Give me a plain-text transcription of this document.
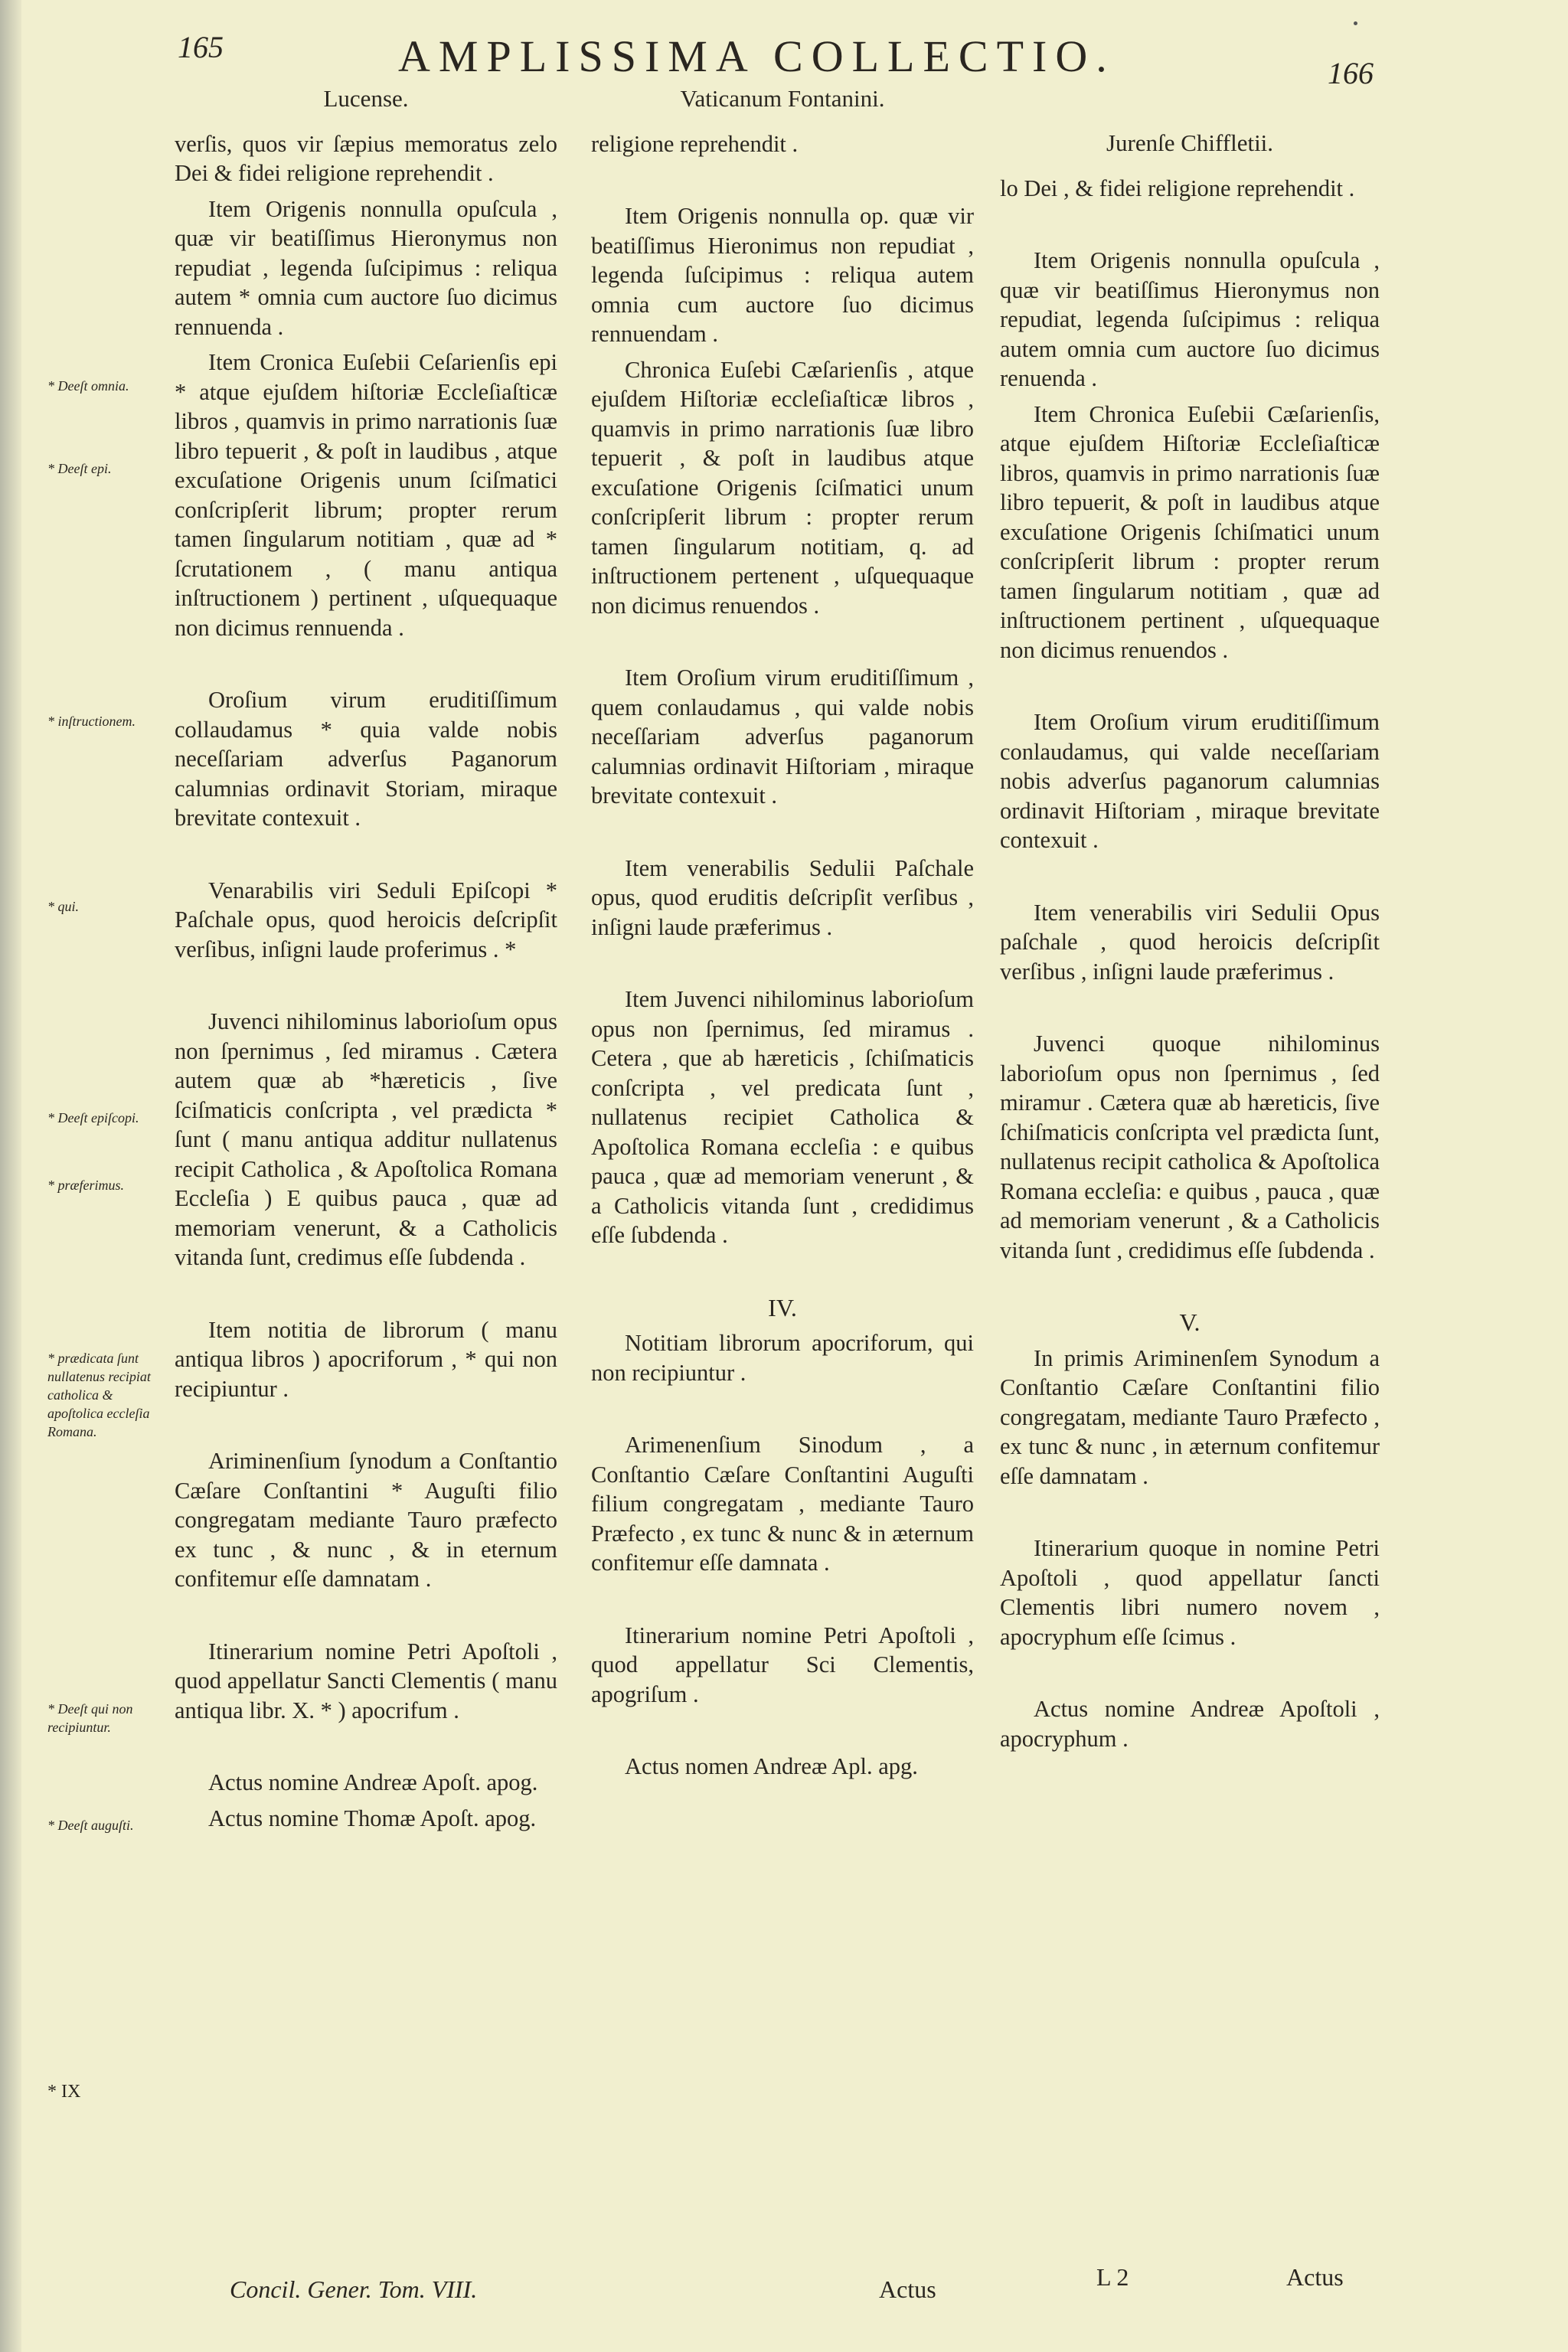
165	AMPLISSIMA COLLECTIO.	166
* Deeſt omnia.
* Deeſt epi.
* inſtructionem.
* qui.
* Deeſt epiſcopi.
* præferimus.
* prædicata ſunt nullatenus recipiat catholica & apoſtolica eccleſia Romana.
* Deeſt qui non recipiuntur.
* Deeſt auguſti.
* IX
Lucense.

verſis, quos vir ſæpius memoratus zelo Dei & fidei religione reprehendit .

Item Origenis nonnulla opuſcula , quæ vir beatiſſimus Hieronymus non repudiat , legenda ſuſcipimus : reliqua autem * omnia cum auctore ſuo dicimus rennuenda .

Item Cronica Euſebii Ceſarienſis epi * atque ejuſdem hiſtoriæ Eccleſiaſticæ libros , quamvis in primo narrationis ſuæ libro tepuerit , & poſt in laudibus , atque excuſatione Origenis unum ſciſmatici conſcripſerit librum; propter rerum tamen ſingularum notitiam , quæ ad * ſcrutationem , ( manu antiqua inſtructionem ) pertinent , uſquequaque non dicimus rennuenda .

Oroſium virum eruditiſſimum collaudamus * quia valde nobis neceſſariam adverſus Paganorum calumnias ordinavit Storiam, miraque brevitate contexuit .

Venarabilis viri Seduli Epiſcopi * Paſchale opus, quod heroicis deſcripſit verſibus, inſigni laude proferimus . *

Juvenci nihilominus laborioſum opus non ſpernimus , ſed miramus . Cætera autem quæ ab *hæreticis , ſive ſciſmaticis conſcripta , vel prædicta * ſunt ( manu antiqua additur nullatenus recipit Catholica , & Apoſtolica Romana Eccleſia ) E quibus pauca , quæ ad memoriam venerunt, & a Catholicis vitanda ſunt, credimus eſſe ſubdenda .

Item notitia de librorum ( manu antiqua libros ) apocriforum , * qui non recipiuntur .

Ariminenſium ſynodum a Conſtantio Cæſare Conſtantini * Auguſti filio congregatam mediante Tauro præfecto ex tunc , & nunc , & in eternum confitemur eſſe damnatam .

Itinerarium nomine Petri Apoſtoli , quod appellatur Sancti Clementis ( manu antiqua libr. X. * ) apocrifum .

Actus nomine Andreæ Apoſt. apog.

Actus nomine Thomæ Apoſt. apog.

Concil. Gener. Tom. VIII.
Vaticanum Fontanini.

religione reprehendit .

Item Origenis nonnulla op. quæ vir beatiſſimus Hieronimus non repudiat , legenda ſuſcipimus : reliqua autem omnia cum auctore ſuo dicimus rennuendam .

Chronica Euſebi Cæſarienſis , atque ejuſdem Hiſtoriæ eccleſiaſticæ libros , quamvis in primo narrationis ſuæ libro tepuerit , & poſt in laudibus atque excuſatione Origenis ſciſmatici unum conſcripſerit librum : propter rerum tamen ſingularum notitiam, q. ad inſtructionem pertenent , uſquequaque non dicimus renuendos .

Item Oroſium virum eruditiſſimum , quem conlaudamus , qui valde nobis neceſſariam adverſus paganorum calumnias ordinavit Hiſtoriam , miraque brevitate contexuit .

Item venerabilis Sedulii Paſchale opus, quod eruditis deſcripſit verſibus , inſigni laude præferimus .

Item Juvenci nihilominus laborioſum opus non ſpernimus, ſed miramus . Cetera , que ab hæreticis , ſchiſmaticis conſcripta , vel predicata ſunt , nullatenus recipiet Catholica & Apoſtolica Romana eccleſia : e quibus pauca , quæ ad memoriam venerunt , & a Catholicis vitanda ſunt , credidimus eſſe ſubdenda .

IV.

Notitiam librorum apocriforum, qui non recipiuntur .

Arimenenſium Sinodum , a Conſtantio Cæſare Conſtantini Auguſti filium congregatam , mediante Tauro Præfecto , ex tunc & nunc & in æternum confitemur eſſe damnata .

Itinerarium nomine Petri Apoſtoli , quod appellatur Sci Clementis, apogriſum .

Actus nomen Andreæ Apl. apg.

Actus
Jurenſe Chiffletii.

lo Dei , & fidei religione reprehendit .

Item Origenis nonnulla opuſcula , quæ vir beatiſſimus Hieronymus non repudiat, legenda ſuſcipimus : reliqua autem omnia cum auctore ſuo dicimus renuenda .

Item Chronica Euſebii Cæſarienſis, atque ejuſdem Hiſtoriæ Eccleſiaſticæ libros, quamvis in primo narrationis ſuæ libro tepuerit, & poſt in laudibus atque excuſatione Origenis ſchiſmatici unum conſcripſerit librum : propter rerum tamen ſingularum notitiam , quæ ad inſtructionem pertinent , uſquequaque non dicimus renuendos .

Item Oroſium virum eruditiſſimum conlaudamus, qui valde neceſſariam nobis adverſus paganorum calumnias ordinavit Hiſtoriam , miraque brevitate contexuit .

Item venerabilis viri Sedulii Opus paſchale , quod heroicis deſcripſit verſibus , inſigni laude præferimus .

Juvenci quoque nihilominus laborioſum opus non ſpernimus , ſed miramur . Cætera quæ ab hæreticis, ſive ſchiſmaticis conſcripta vel prædicta ſunt, nullatenus recipit catholica & Apoſtolica Romana eccleſia: e quibus , pauca , quæ ad memoriam venerunt , & a Catholicis vitanda ſunt , credidimus eſſe ſubdenda .

V.

In primis Ariminenſem Synodum a Conſtantio Cæſare Conſtantini filio congregatam, mediante Tauro Præfecto , ex tunc & nunc , in æternum confitemur eſſe damnatam .

Itinerarium quoque in nomine Petri Apoſtoli , quod appellatur ſancti Clementis libri numero novem , apocryphum eſſe ſcimus .

Actus nomine Andreæ Apoſtoli , apocryphum .

L 2	Actus
